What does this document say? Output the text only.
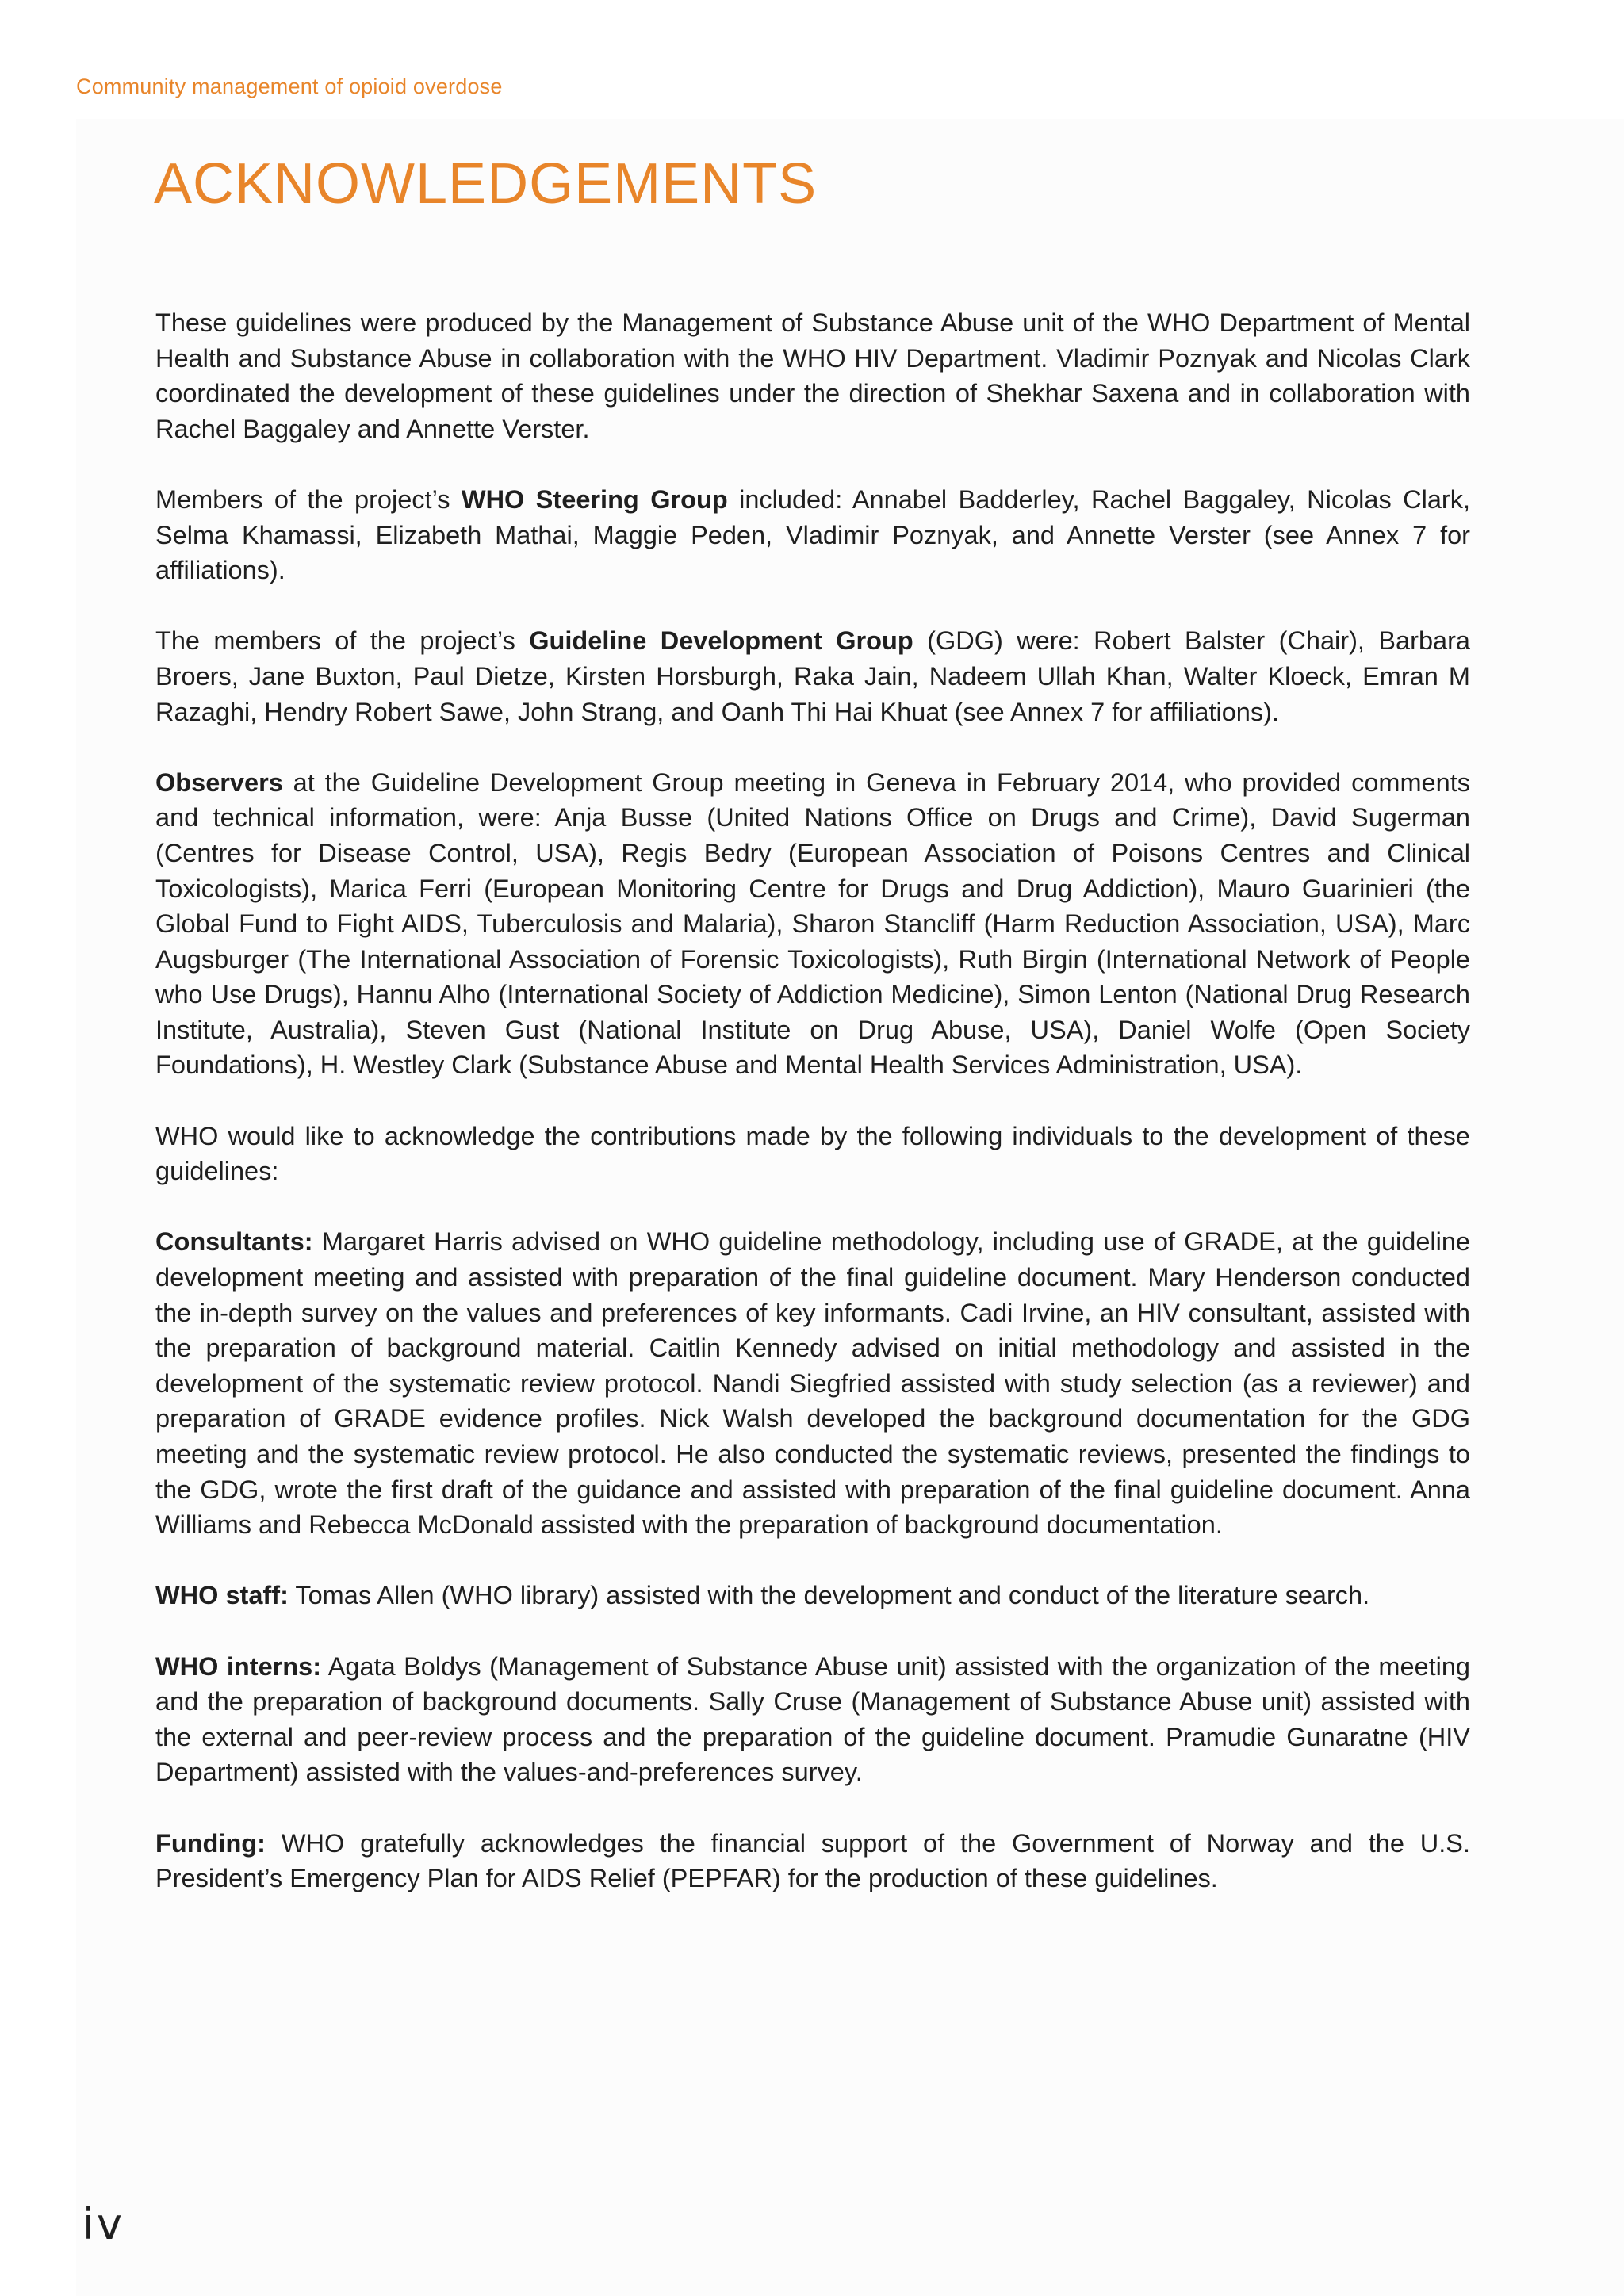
Community management of opioid overdose
ACKNOWLEDGEMENTS

These guidelines were produced by the Management of Substance Abuse unit of the WHO Department of Mental Health and Substance Abuse in collaboration with the WHO HIV Department. Vladimir Poznyak and Nicolas Clark coordinated the development of these guidelines under the direction of Shekhar Saxena and in collaboration with Rachel Baggaley and Annette Verster.

Members of the project’s WHO Steering Group included: Annabel Badderley, Rachel Baggaley, Nicolas Clark, Selma Khamassi, Elizabeth Mathai, Maggie Peden, Vladimir Poznyak, and Annette Verster (see Annex 7 for affiliations).

The members of the project’s Guideline Development Group (GDG) were: Robert Balster (Chair), Barbara Broers, Jane Buxton, Paul Dietze, Kirsten Horsburgh, Raka Jain, Nadeem Ullah Khan, Walter Kloeck, Emran M Razaghi, Hendry Robert Sawe, John Strang, and Oanh Thi Hai Khuat (see Annex 7 for affiliations).

Observers at the Guideline Development Group meeting in Geneva in February 2014, who provided comments and technical information, were: Anja Busse (United Nations Office on Drugs and Crime), David Sugerman (Centres for Disease Control, USA), Regis Bedry (European Association of Poisons Centres and Clinical Toxicologists), Marica Ferri (European Monitoring Centre for Drugs and Drug Addiction), Mauro Guarinieri (the Global Fund to Fight AIDS, Tuberculosis and Malaria), Sharon Stancliff (Harm Reduction Association, USA), Marc Augsburger (The International Association of Forensic Toxicologists), Ruth Birgin (International Network of People who Use Drugs), Hannu Alho (International Society of Addiction Medicine), Simon Lenton (National Drug Research Institute, Australia), Steven Gust (National Institute on Drug Abuse, USA), Daniel Wolfe (Open Society Foundations), H. Westley Clark (Substance Abuse and Mental Health Services Administration, USA).

WHO would like to acknowledge the contributions made by the following individuals to the development of these guidelines:

Consultants: Margaret Harris advised on WHO guideline methodology, including use of GRADE, at the guideline development meeting and assisted with preparation of the final guideline document. Mary Henderson conducted the in-depth survey on the values and preferences of key informants. Cadi Irvine, an HIV consultant, assisted with the preparation of background material. Caitlin Kennedy advised on initial methodology and assisted in the development of the systematic review protocol. Nandi Siegfried assisted with study selection (as a reviewer) and preparation of GRADE evidence profiles. Nick Walsh developed the background documentation for the GDG meeting and the systematic review protocol. He also conducted the systematic reviews, presented the findings to the GDG, wrote the first draft of the guidance and assisted with preparation of the final guideline document. Anna Williams and Rebecca McDonald assisted with the preparation of background documentation.

WHO staff: Tomas Allen (WHO library) assisted with the development and conduct of the literature search.

WHO interns: Agata Boldys (Management of Substance Abuse unit) assisted with the organization of the meeting and the preparation of background documents. Sally Cruse (Management of Substance Abuse unit) assisted with the external and peer-review process and the preparation of the guideline document. Pramudie Gunaratne (HIV Department) assisted with the values-and-preferences survey.

Funding: WHO gratefully acknowledges the financial support of the Government of Norway and the U.S. President’s Emergency Plan for AIDS Relief (PEPFAR) for the production of these guidelines.

iv
